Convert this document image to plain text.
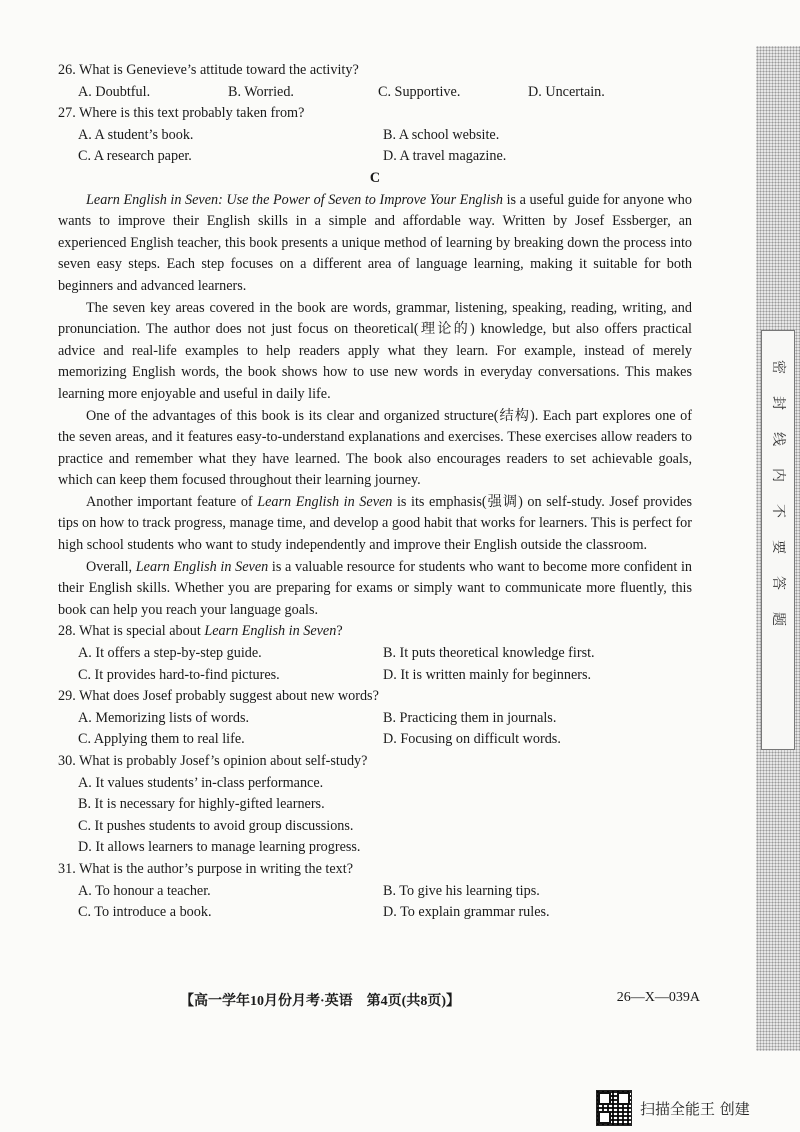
26. What is Genevieve’s attitude toward the activity?

A. Doubtful.	B. Worried.	C. Supportive.	D. Uncertain.

27. Where is this text probably taken from?

A. A student’s book.	B. A school website.
C. A research paper.	D. A travel magazine.

C

Learn English in Seven: Use the Power of Seven to Improve Your English is a useful guide for anyone who wants to improve their English skills in a simple and affordable way. Written by Josef Essberger, an experienced English teacher, this book presents a unique method of learning by breaking down the process into seven easy steps. Each step focuses on a different area of language learning, making it suitable for both beginners and advanced learners.

The seven key areas covered in the book are words, grammar, listening, speaking, reading, writing, and pronunciation. The author does not just focus on theoretical(理论的) knowledge, but also offers practical advice and real-life examples to help readers apply what they learn. For example, instead of merely memorizing English words, the book shows how to use new words in everyday conversations. This makes learning more enjoyable and useful in daily life.

One of the advantages of this book is its clear and organized structure(结构). Each part explores one of the seven areas, and it features easy-to-understand explanations and exercises. These exercises allow readers to practice and remember what they have learned. The book also encourages readers to set achievable goals, which can keep them focused throughout their learning journey.

Another important feature of Learn English in Seven is its emphasis(强调) on self-study. Josef provides tips on how to track progress, manage time, and develop a good habit that works for learners. This is perfect for high school students who want to study independently and improve their English outside the classroom.

Overall, Learn English in Seven is a valuable resource for students who want to become more confident in their English skills. Whether you are preparing for exams or simply want to communicate more fluently, this book can help you reach your language goals.

28. What is special about Learn English in Seven?

A. It offers a step-by-step guide.	B. It puts theoretical knowledge first.
C. It provides hard-to-find pictures.	D. It is written mainly for beginners.

29. What does Josef probably suggest about new words?

A. Memorizing lists of words.	B. Practicing them in journals.
C. Applying them to real life.	D. Focusing on difficult words.

30. What is probably Josef’s opinion about self-study?

A. It values students’ in-class performance.
B. It is necessary for highly-gifted learners.
C. It pushes students to avoid group discussions.
D. It allows learners to manage learning progress.

31. What is the author’s purpose in writing the text?

A. To honour a teacher.	B. To give his learning tips.
C. To introduce a book.	D. To explain grammar rules.
【高一学年10月份月考·英语　第4页(共8页)】	26—X—039A
密
封
线
内
不
要
答
题
扫描全能王 创建
